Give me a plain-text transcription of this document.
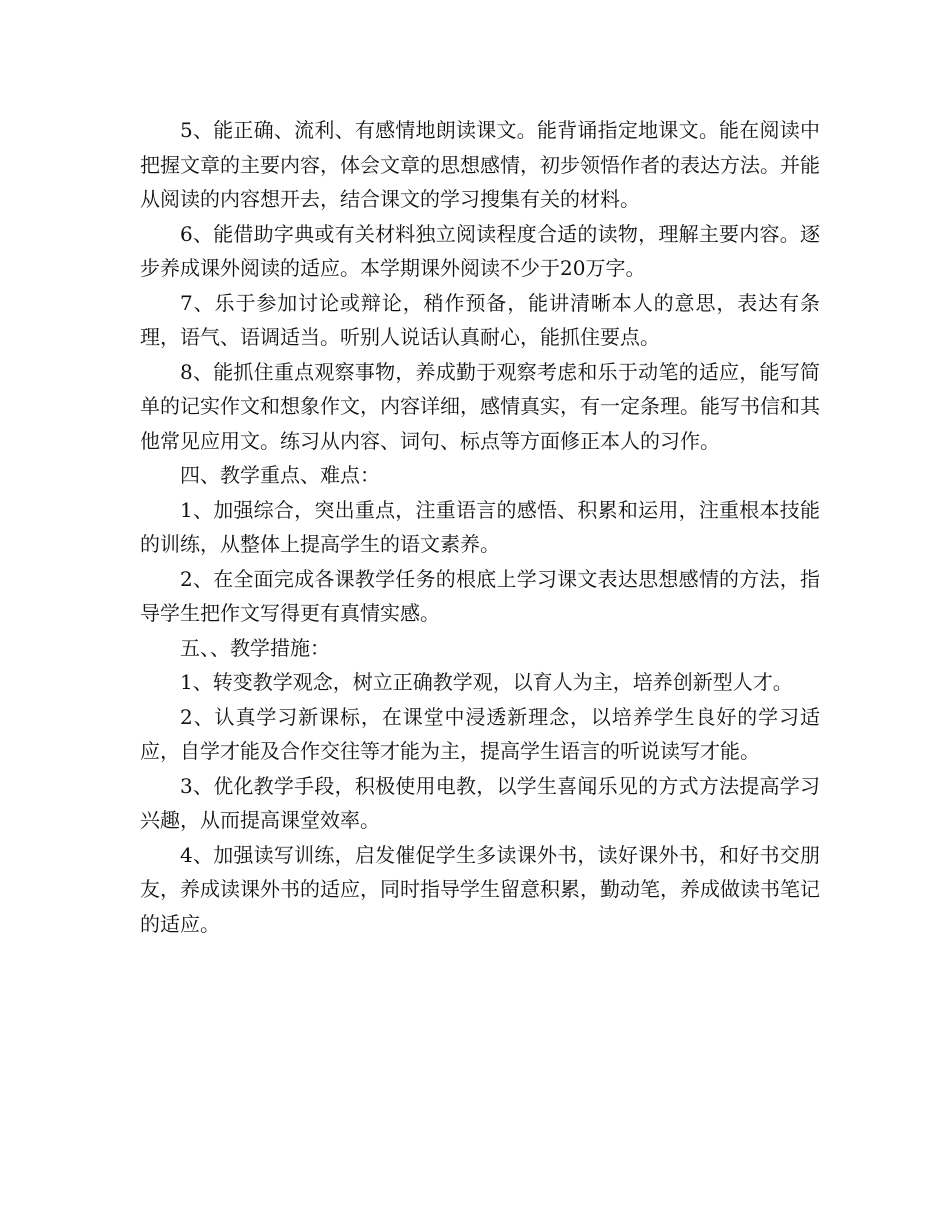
5、能正确、流利、有感情地朗读课文。能背诵指定地课文。能在阅读中把握文章的主要内容，体会文章的思想感情，初步领悟作者的表达方法。并能从阅读的内容想开去，结合课文的学习搜集有关的材料。

6、能借助字典或有关材料独立阅读程度合适的读物，理解主要内容。逐步养成课外阅读的适应。本学期课外阅读不少于20万字。

7、乐于参加讨论或辩论，稍作预备，能讲清晰本人的意思，表达有条理，语气、语调适当。听别人说话认真耐心，能抓住要点。

8、能抓住重点观察事物，养成勤于观察考虑和乐于动笔的适应，能写简单的记实作文和想象作文，内容详细，感情真实，有一定条理。能写书信和其他常见应用文。练习从内容、词句、标点等方面修正本人的习作。

四、教学重点、难点：

1、加强综合，突出重点，注重语言的感悟、积累和运用，注重根本技能的训练，从整体上提高学生的语文素养。

2、在全面完成各课教学任务的根底上学习课文表达思想感情的方法，指导学生把作文写得更有真情实感。

五、、教学措施：

1、转变教学观念，树立正确教学观，以育人为主，培养创新型人才。

2、认真学习新课标，在课堂中浸透新理念，以培养学生良好的学习适应，自学才能及合作交往等才能为主，提高学生语言的听说读写才能。

3、优化教学手段，积极使用电教，以学生喜闻乐见的方式方法提高学习兴趣，从而提高课堂效率。

4、加强读写训练，启发催促学生多读课外书，读好课外书，和好书交朋友，养成读课外书的适应，同时指导学生留意积累，勤动笔，养成做读书笔记的适应。
